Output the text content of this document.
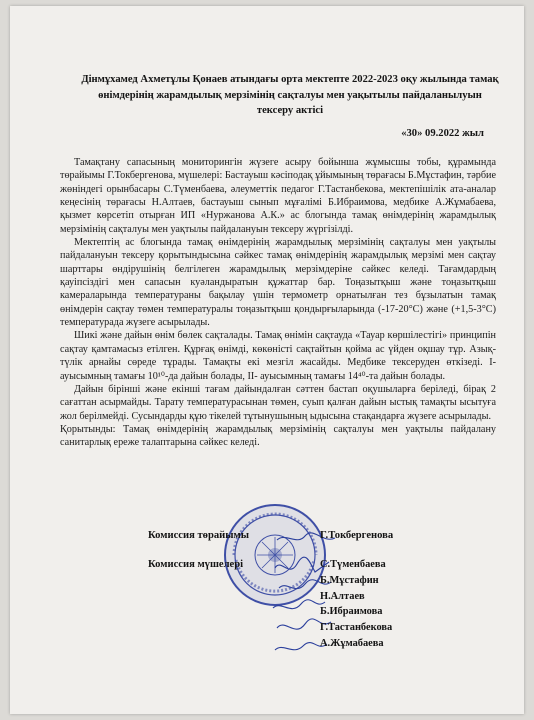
Дінмұхамед Ахметұлы Қонаев атындағы орта мектепте 2022-2023 оқу жылында тамақ өнімдерінің жарамдылық мерзімінің сақталуы мен уақытылы пайдаланылуын тексеру актісі
«30» 09.2022 жыл

Тамақтану сапасының мониторингін жүзеге асыру бойынша жұмысшы тобы, құрамында төрайымы Г.Токбергенова, мүшелері: Бастауыш кәсіподақ ұйымының төрағасы Б.Мұстафин, тәрбие жөніндегі орынбасары С.Түменбаева, әлеуметтік педагог Г.Тастанбекова, мектепішілік ата-аналар кеңесінің төрағасы Н.Алтаев, бастауыш сынып мұғалімі Б.Ибраимова, медбике А.Жұмабаева, қызмет көрсетіп отырған ИП «Нуржанова А.К.» ас блогында тамақ өнімдерінің жарамдылық мерзімінің сақталуы мен уақтылы пайдалануын тексеру жүргізілді.

Мектептің ас блогында тамақ өнімдерінің жарамдылық мерзімінің сақталуы мен уақтылы пайдалануын тексеру қорытындысына сәйкес тамақ өнімдерінің жарамдылық мерзімі мен сақтау шарттары өндірушінің белгілеген жарамдылық мерзімдеріне сәйкес келеді. Тағамдардың қауіпсіздігі мен сапасын куәландыратын құжаттар бар. Тоңазытқыш және тоңазытқыш камераларында температураны бақылау үшін термометр орнатылған тез бұзылатын тамақ өнімдерін сақтау төмен температуралы тоңазытқыш қондырғыларында (-17-20°С) және (+1,5-3°С) температурада жүзеге асырылады.

Шикі және дайын өнім бөлек сақталады. Тамақ өнімін сақтауда «Тауар көршілестігі» принципін сақтау қамтамасыз етілген. Құрғақ өнімді, көкөністі сақтайтын қойма ас үйден оқшау тұр. Азық-түлік арнайы сөреде тұрады. Тамақты екі мезгіл жасайды. Медбике тексеруден өткізеді. І- ауысымның тамағы 10¹⁰-да дайын болады, ІІ- ауысымның тамағы 14⁴⁰-та дайын болады.

Дайын бірінші және екінші тағам дайындалған сәттен бастап оқушыларға беріледі, бірақ 2 сағаттан асырмайды. Тарату температурасынан төмен, суып қалған дайын ыстық тамақты ысытуға жол берілмейді. Сусындарды құю тікелей тұтынушының ыдысына стақандарға жүзеге асырылады.

Қорытынды: Тамақ өнімдерінің жарамдылық мерзімінің сақталуы мен уақтылы пайдалану санитарлық ереже талаптарына сәйкес келеді.

Комиссия төрайымы	Г.Токбергенова
Комиссия мүшелері	С.Түменбаева
Б.Мұстафин
Н.Алтаев
Б.Ибраимова
Г.Тастанбекова
А.Жұмабаева
